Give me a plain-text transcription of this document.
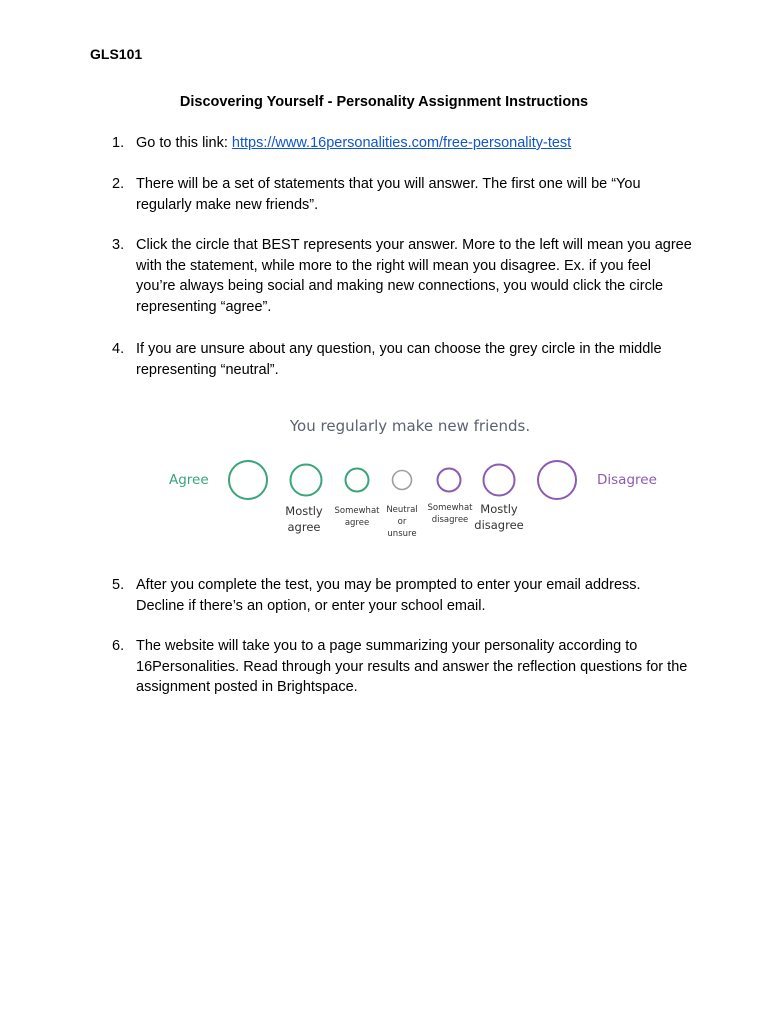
GLS101
Discovering Yourself - Personality Assignment Instructions
1. Go to this link: https://www.16personalities.com/free-personality-test
2. There will be a set of statements that you will answer. The first one will be “You regularly make new friends”.
3. Click the circle that BEST represents your answer. More to the left will mean you agree with the statement, while more to the right will mean you disagree. Ex. if you feel you’re always being social and making new connections, you would click the circle representing “agree”.
4. If you are unsure about any question, you can choose the grey circle in the middle representing “neutral”.
You regularly make new friends.
Agree	Disagree
Mostly
agree
Somewhat
agree
Neutral
or
unsure
Somewhat
disagree
Mostly
disagree
5. After you complete the test, you may be prompted to enter your email address. Decline if there’s an option, or enter your school email.
6. The website will take you to a page summarizing your personality according to 16Personalities. Read through your results and answer the reflection questions for the assignment posted in Brightspace.
